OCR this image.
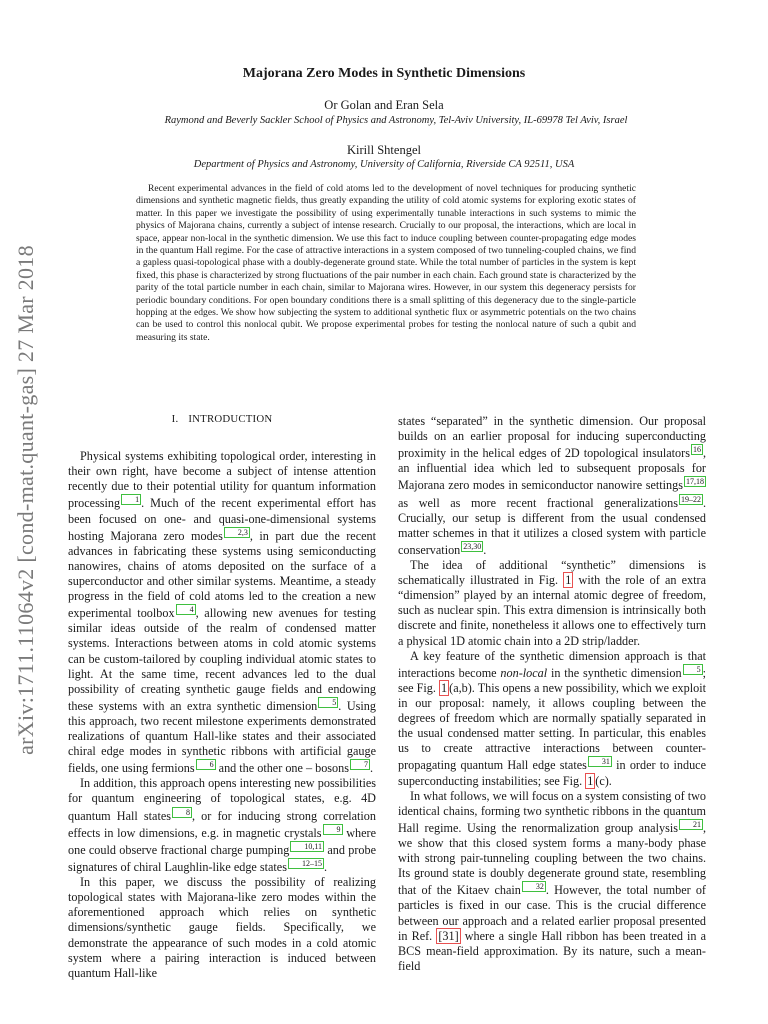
arXiv:1711.11064v2 [cond-mat.quant-gas] 27 Mar 2018
Majorana Zero Modes in Synthetic Dimensions
Or Golan and Eran Sela
Raymond and Beverly Sackler School of Physics and Astronomy, Tel-Aviv University, IL-69978 Tel Aviv, Israel
Kirill Shtengel
Department of Physics and Astronomy, University of California, Riverside CA 92511, USA
Recent experimental advances in the field of cold atoms led to the development of novel techniques for producing synthetic dimensions and synthetic magnetic fields, thus greatly expanding the utility of cold atomic systems for exploring exotic states of matter. In this paper we investigate the possibility of using experimentally tunable interactions in such systems to mimic the physics of Majorana chains, currently a subject of intense research. Crucially to our proposal, the interactions, which are local in space, appear non-local in the synthetic dimension. We use this fact to induce coupling between counter-propagating edge modes in the quantum Hall regime. For the case of attractive interactions in a system composed of two tunneling-coupled chains, we find a gapless quasi-topological phase with a doubly-degenerate ground state. While the total number of particles in the system is kept fixed, this phase is characterized by strong fluctuations of the pair number in each chain. Each ground state is characterized by the parity of the total particle number in each chain, similar to Majorana wires. However, in our system this degeneracy persists for periodic boundary conditions. For open boundary conditions there is a small splitting of this degeneracy due to the single-particle hopping at the edges. We show how subjecting the system to additional synthetic flux or asymmetric potentials on the two chains can be used to control this nonlocal qubit. We propose experimental probes for testing the nonlocal nature of such a qubit and measuring its state.
I. INTRODUCTION

Physical systems exhibiting topological order, interesting in their own right, have become a subject of intense attention recently due to their potential utility for quantum information processing 1 . Much of the recent experimental effort has been focused on one- and quasi-one-dimensional systems hosting Majorana zero modes 2,3 , in part due the recent advances in fabricating these systems using semiconducting nanowires, chains of atoms deposited on the surface of a superconductor and other similar systems. Meantime, a steady progress in the field of cold atoms led to the creation a new experimental toolbox 4 , allowing new avenues for testing similar ideas outside of the realm of condensed matter systems. Interactions between atoms in cold atomic systems can be custom-tailored by coupling individual atomic states to light. At the same time, recent advances led to the dual possibility of creating synthetic gauge fields and endowing these systems with an extra synthetic dimension 5 . Using this approach, two recent milestone experiments demonstrated realizations of quantum Hall-like states and their associated chiral edge modes in synthetic ribbons with artificial gauge fields, one using fermions 6 and the other one – bosons 7 .

In addition, this approach opens interesting new possibilities for quantum engineering of topological states, e.g. 4D quantum Hall states 8 , or for inducing strong correlation effects in low dimensions, e.g. in magnetic crystals 9 where one could observe fractional charge pumping 10,11 and probe signatures of chiral Laughlin-like edge states 12–15 .

In this paper, we discuss the possibility of realizing topological states with Majorana-like zero modes within the aforementioned approach which relies on synthetic dimensions/synthetic gauge fields. Specifically, we demonstrate the appearance of such modes in a cold atomic system where a pairing interaction is induced between quantum Hall-like

states “separated” in the synthetic dimension. Our proposal builds on an earlier proposal for inducing superconducting proximity in the helical edges of 2D topological insulators 16 , an influential idea which led to subsequent proposals for Majorana zero modes in semiconductor nanowire settings 17,18 as well as more recent fractional generalizations 19–22 . Crucially, our setup is different from the usual condensed matter schemes in that it utilizes a closed system with particle conservation 23,30 .

The idea of additional “synthetic” dimensions is schematically illustrated in Fig. 1 with the role of an extra “dimension” played by an internal atomic degree of freedom, such as nuclear spin. This extra dimension is intrinsically both discrete and finite, nonetheless it allows one to effectively turn a physical 1D atomic chain into a 2D strip/ladder.

A key feature of the synthetic dimension approach is that interactions become non-local in the synthetic dimension 5 ; see Fig. 1 (a,b). This opens a new possibility, which we exploit in our proposal: namely, it allows coupling between the degrees of freedom which are normally spatially separated in the usual condensed matter setting. In particular, this enables us to create attractive interactions between counter-propagating quantum Hall edge states 31 in order to induce superconducting instabilities; see Fig. 1 (c).

In what follows, we will focus on a system consisting of two identical chains, forming two synthetic ribbons in the quantum Hall regime. Using the renormalization group analysis 21 , we show that this closed system forms a many-body phase with strong pair-tunneling coupling between the two chains. Its ground state is doubly degenerate ground state, resembling that of the Kitaev chain 32 . However, the total number of particles is fixed in our case. This is the crucial difference between our approach and a related earlier proposal presented in Ref. [31] where a single Hall ribbon has been treated in a BCS mean-field approximation. By its nature, such a mean-field
